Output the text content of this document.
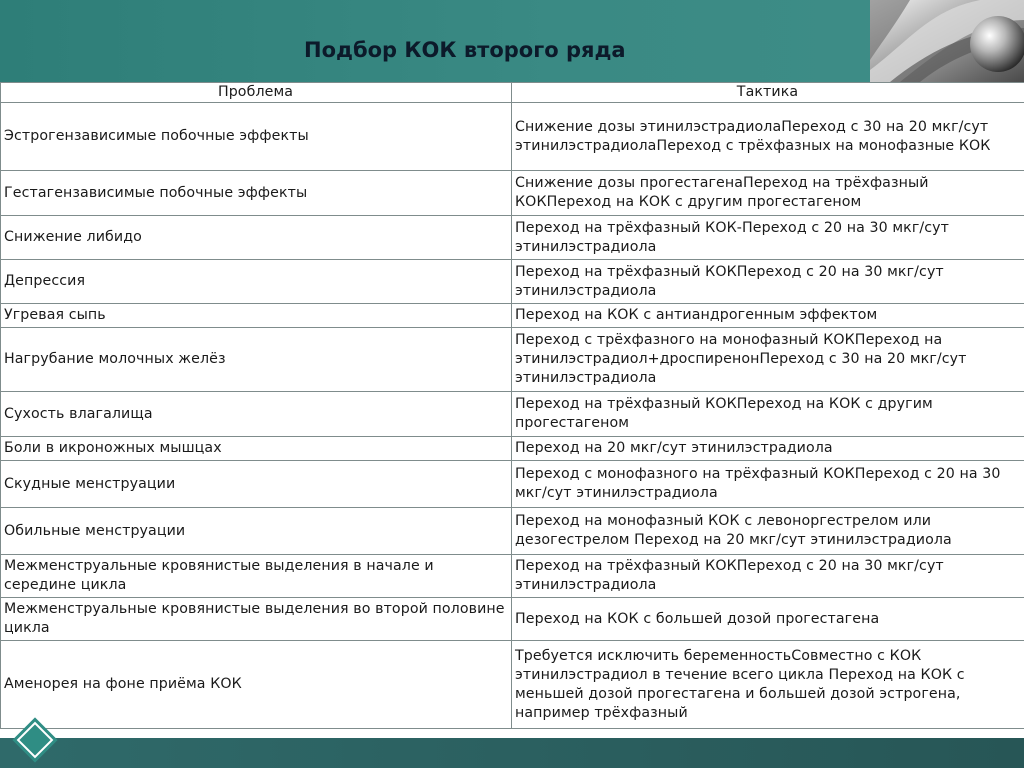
Подбор КОК второго ряда
Проблема	Тактика
Эстрогензависимые побочные эффекты	Снижение дозы этинилэстрадиолаПереход с 30 на 20 мкг/сут этинилэстрадиолаПереход с трёхфазных на монофазные КОК
Гестагензависимые побочные эффекты	Снижение дозы прогестагенаПереход на трёхфазный КОКПереход на КОК с другим прогестагеном
Снижение либидо	Переход на трёхфазный КОК-Переход с 20 на 30 мкг/сут этинилэстрадиола
Депрессия	Переход на трёхфазный КОКПереход с 20 на 30 мкг/сут этинилэстрадиола
Угревая сыпь	Переход на КОК с антиандрогенным эффектом
Нагрубание молочных желёз	Переход с трёхфазного на монофазный КОКПереход на этинилэстрадиол+дроспиренонПереход с 30 на 20 мкг/сут этинилэстрадиола
Сухость влагалища	Переход на трёхфазный КОКПереход на КОК с другим прогестагеном
Боли в икроножных мышцах	Переход на 20 мкг/сут этинилэстрадиола
Скудные менструации	Переход с монофазного на трёхфазный КОКПереход с 20 на 30 мкг/сут этинилэстрадиола
Обильные менструации	Переход на монофазный КОК с левоноргестрелом или дезогестрелом Переход на 20 мкг/сут этинилэстрадиола
Межменструальные кровянистые выделения в начале и середине цикла	Переход на трёхфазный КОКПереход с 20 на 30 мкг/сут этинилэстрадиола
Межменструальные кровянистые выделения во второй половине цикла	Переход на КОК с большей дозой прогестагена
Аменорея на фоне приёма КОК	Требуется исключить беременностьСовместно с КОК этинилэстрадиол в течение всего цикла Переход на КОК с меньшей дозой прогестагена и большей дозой эстрогена, например трёхфазный
